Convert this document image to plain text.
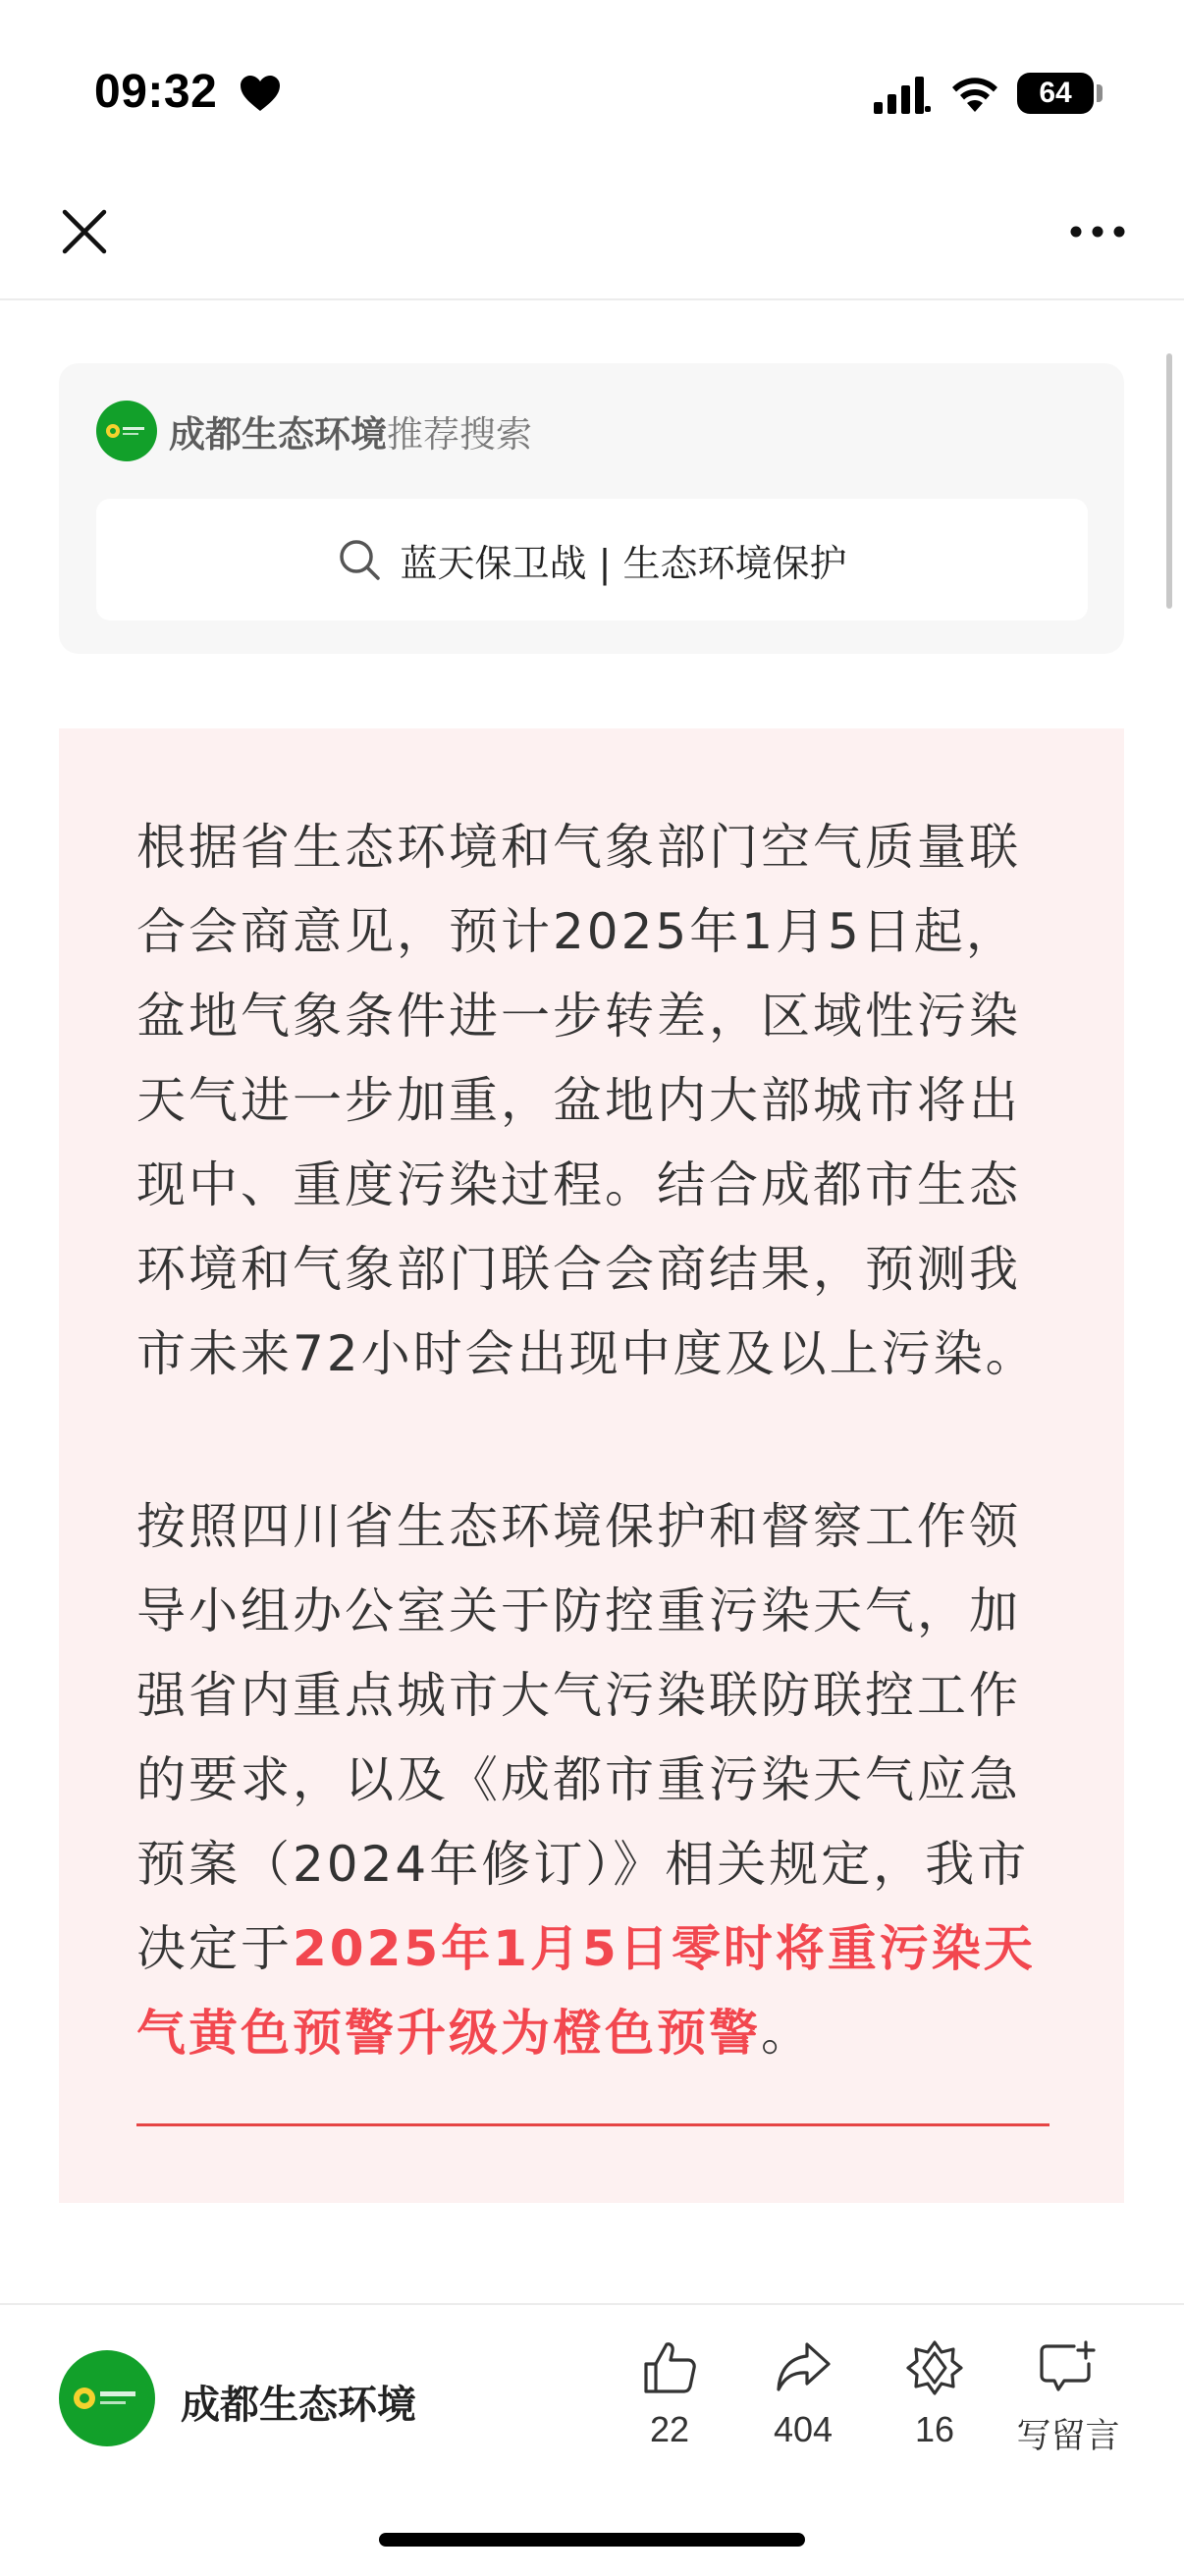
09:32	64
成都生态环境 推荐搜索
蓝天保卫战 | 生态环境保护

根据省生态环境和气象部门空气质量联合会商意见，预计2025年1月5日起，盆地气象条件进一步转差，区域性污染天气进一步加重，盆地内大部城市将出现中、重度污染过程。结合成都市生态环境和气象部门联合会商结果，预测我市未来72小时会出现中度及以上污染。

按照四川省生态环境保护和督察工作领导小组办公室关于防控重污染天气，加强省内重点城市大气污染联防联控工作的要求，以及《成都市重污染天气应急预案（2024年修订）》相关规定，我市决定于2025年1月5日零时将重污染天气黄色预警升级为橙色预警。

成都生态环境
22	404	16	写留言
